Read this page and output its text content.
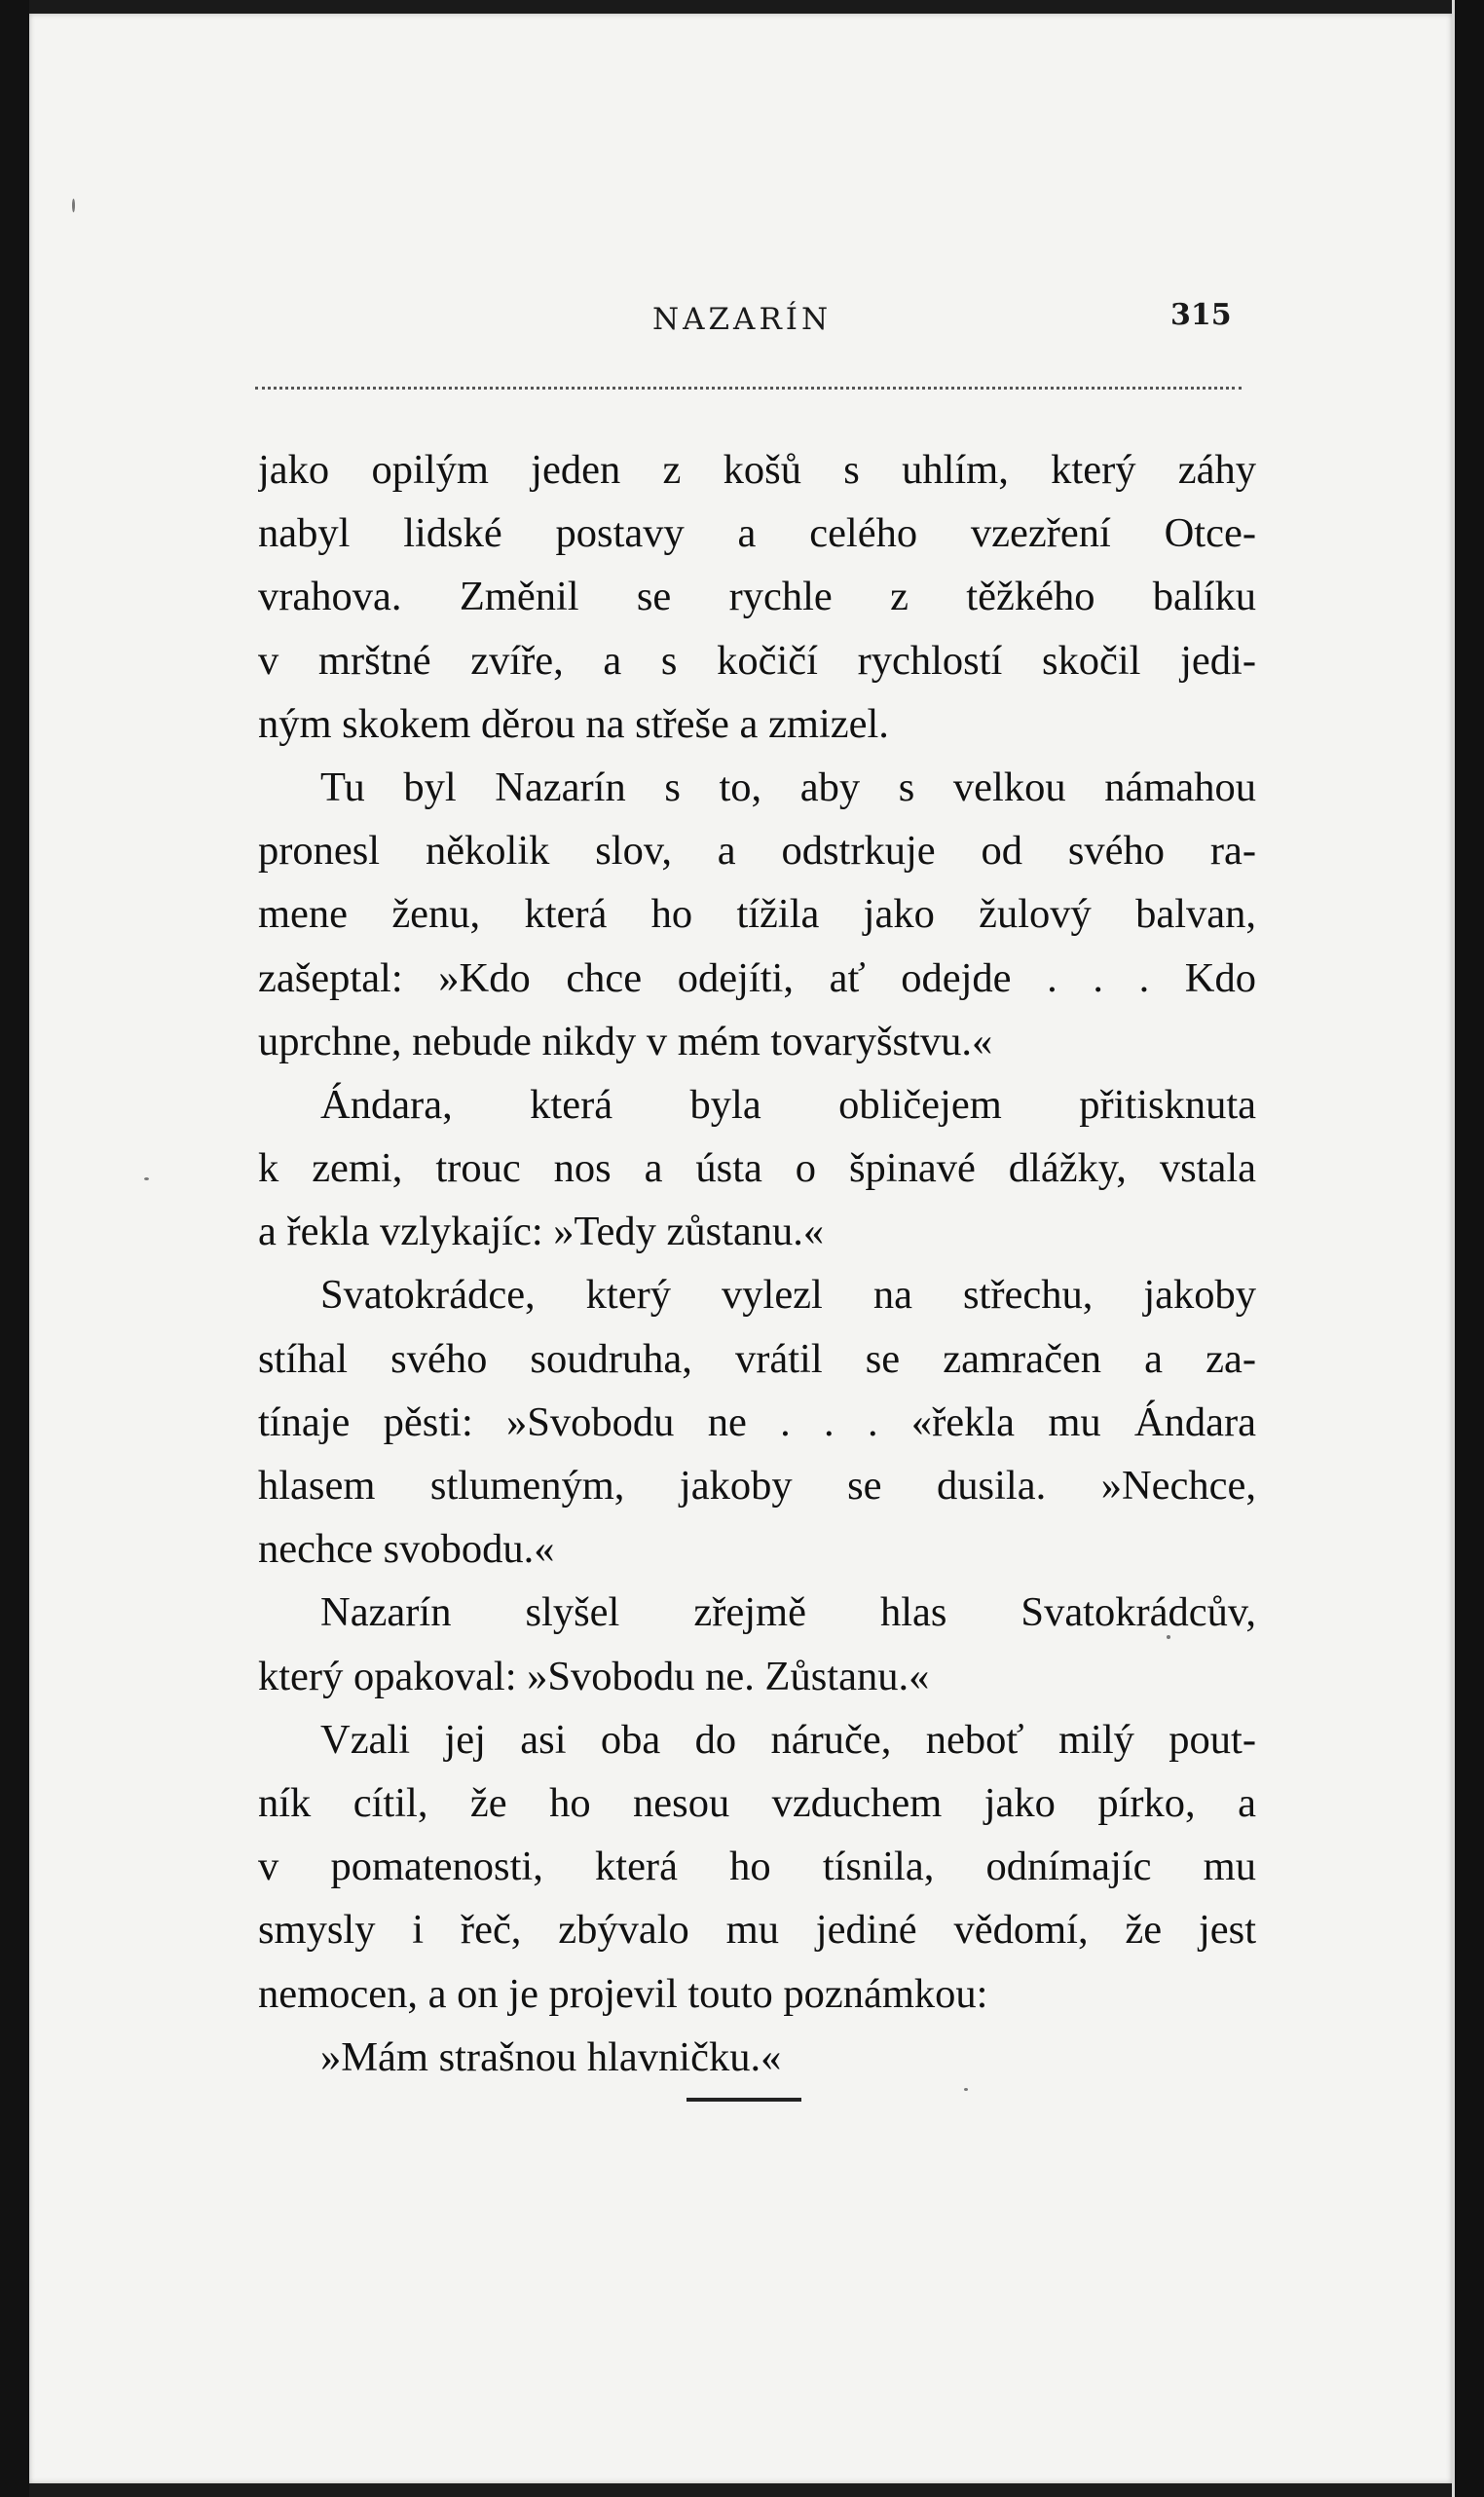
NAZARÍN	315
jako opilým jeden z košů s uhlím, který záhy
nabyl lidské postavy a celého vzezření Otce-
vrahova. Změnil se rychle z těžkého balíku
v mrštné zvíře, a s kočičí rychlostí skočil jedi-
ným skokem děrou na střeše a zmizel.
Tu byl Nazarín s to, aby s velkou námahou
pronesl několik slov, a odstrkuje od svého ra-
mene ženu, která ho tížila jako žulový balvan,
zašeptal: »Kdo chce odejíti, ať odejde . . . Kdo
uprchne, nebude nikdy v mém tovaryšstvu.«
Ándara, která byla obličejem přitisknuta
k zemi, trouc nos a ústa o špinavé dlážky, vstala
a řekla vzlykajíc: »Tedy zůstanu.«
Svatokrádce, který vylezl na střechu, jakoby
stíhal svého soudruha, vrátil se zamračen a za-
tínaje pěsti: »Svobodu ne . . . «řekla mu Ándara
hlasem stlumeným, jakoby se dusila. »Nechce,
nechce svobodu.«
Nazarín slyšel zřejmě hlas Svatokrádcův,
který opakoval: »Svobodu ne. Zůstanu.«
Vzali jej asi oba do náruče, neboť milý pout-
ník cítil, že ho nesou vzduchem jako pírko, a
v pomatenosti, která ho tísnila, odnímajíc mu
smysly i řeč, zbývalo mu jediné vědomí, že jest
nemocen, a on je projevil touto poznámkou:
»Mám strašnou hlavničku.«
